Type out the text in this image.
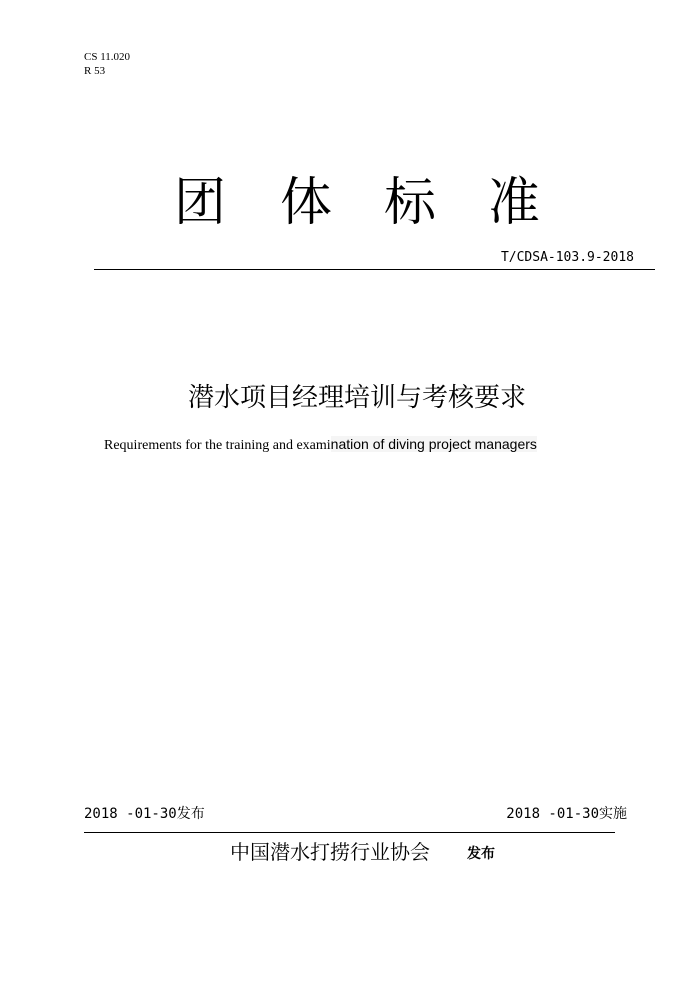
CS 11.020
R 53
团 体 标 准
T/CDSA-103.9-2018
潜水项目经理培训与考核要求
Requirements for the training and examination of diving project managers
2018 -01-30发布	2018 -01-30实施
中国潜水打捞行业协会	发布
